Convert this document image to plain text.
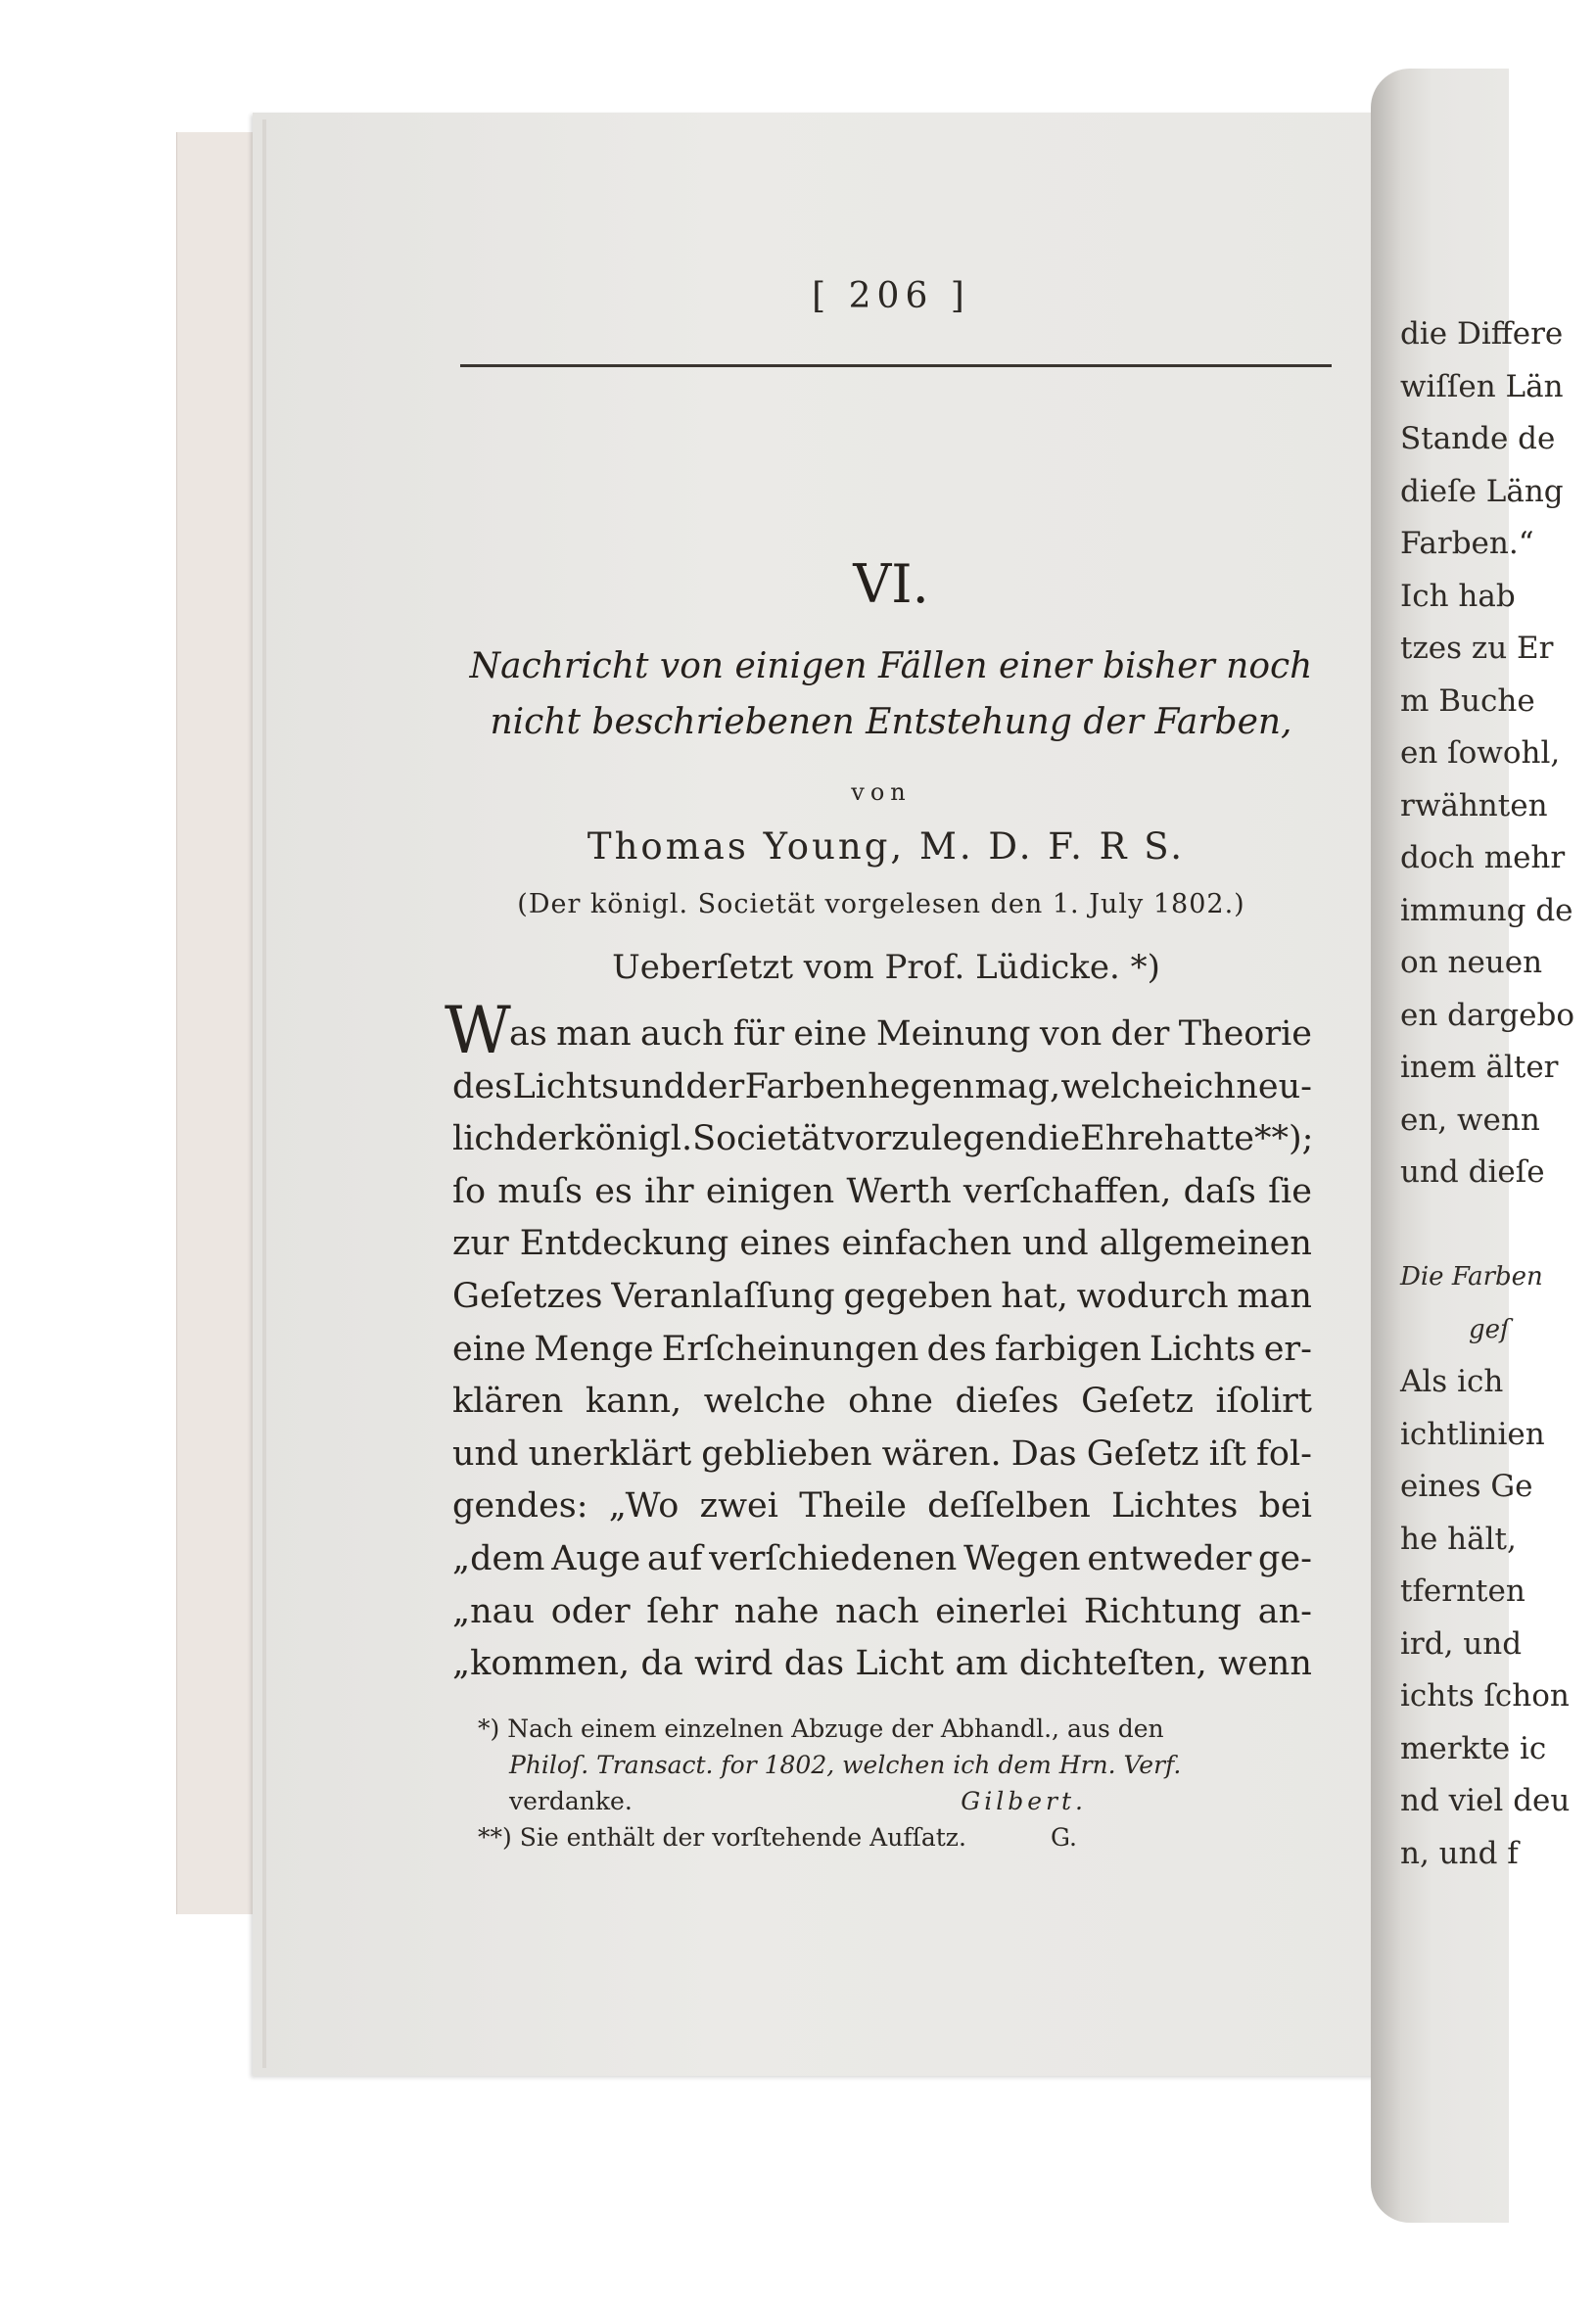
die Differe
wiſſen Län
Stande de
dieſe Läng
Farben.“
Ich hab
tzes zu Er
m Buche
en ſowohl,
rwähnten
doch mehr
immung de
on neuen
en dargebo
inem älter
en, wenn
und dieſe
Die Farben
geſ
Als ich
ichtlinien
eines Ge
he hält,
tfernten
ird, und
ichts ſchon
merkte ic
nd viel deu
n, und f
[ 206 ]
VI.
Nachricht von einigen Fällen einer bisher noch
nicht beschriebenen Entstehung der Farben,
von
Thomas Young, M. D. F. R S.
(Der königl. Societät vorgelesen den 1. July 1802.)
Ueberſetzt vom Prof. Lüdicke. *)
W
as man auch für eine Meinung von der Theorie
des Lichts und der Farben hegen mag, welche ich neu-
lich der königl. Societät vorzulegen die Ehre hatte **);
ſo muſs es ihr einigen Werth verſchaffen, daſs ſie
zur Entdeckung eines einfachen und allgemeinen
Geſetzes Veranlaſſung gegeben hat, wodurch man
eine Menge Erſcheinungen des farbigen Lichts er-
klären kann, welche ohne dieſes Geſetz iſolirt
und unerklärt geblieben wären. Das Geſetz iſt fol-
gendes: „Wo zwei Theile deſſelben Lichtes bei
„dem Auge auf verſchiedenen Wegen entweder ge-
„nau oder ſehr nahe nach einerlei Richtung an-
„kommen, da wird das Licht am dichteſten, wenn
*) Nach einem einzelnen Abzuge der Abhandl., aus den
Philoſ. Transact. for 1802, welchen ich dem Hrn. Verf.
verdanke.	Gilbert.
**) Sie enthält der vorſtehende Aufſatz.	G.
